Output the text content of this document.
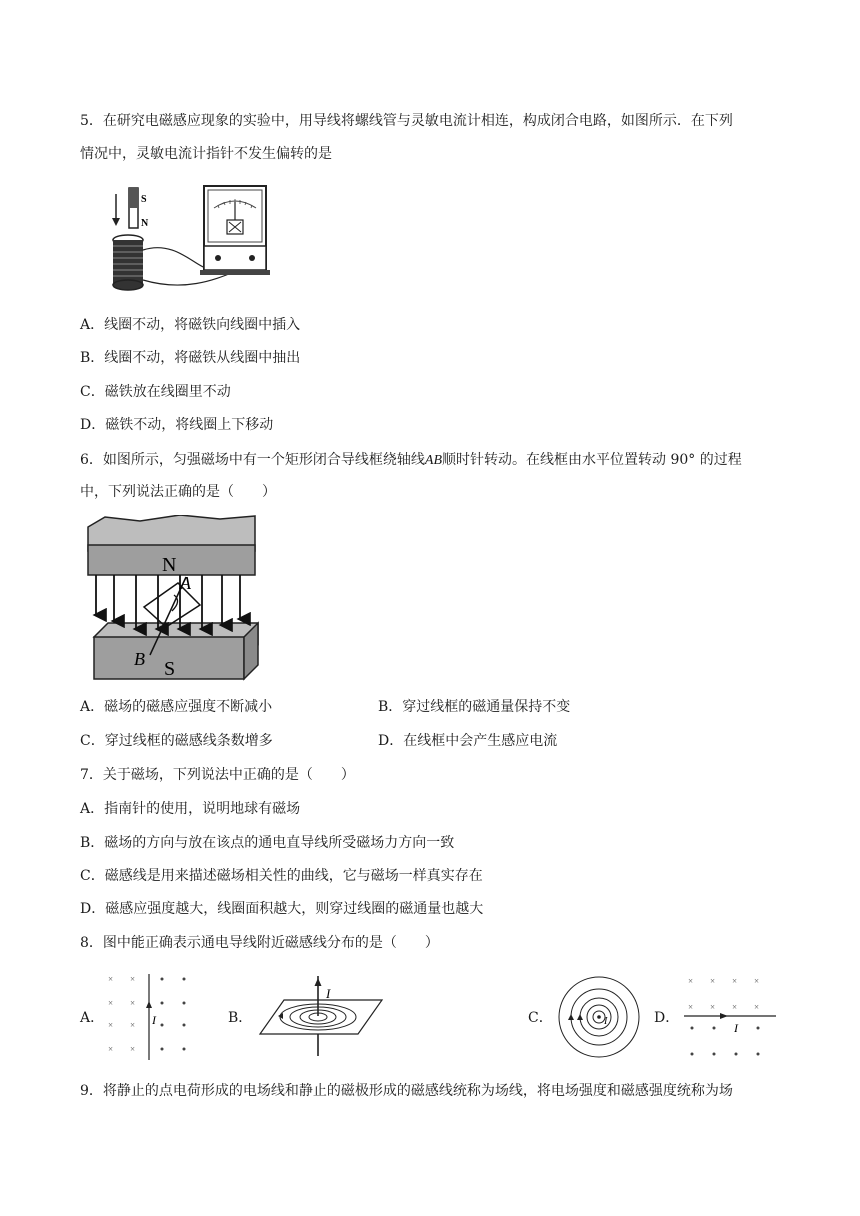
5．在研究电磁感应现象的实验中，用导线将螺线管与灵敏电流计相连，构成闭合电路，如图所示．在下列
情况中，灵敏电流计指针不发生偏转的是
S
N
A．线圈不动，将磁铁向线圈中插入
B．线圈不动，将磁铁从线圈中抽出
C．磁铁放在线圈里不动
D．磁铁不动，将线圈上下移动
6．如图所示，匀强磁场中有一个矩形闭合导线框绕轴线AB顺时针转动。在线框由水平位置转动 90° 的过程
中，下列说法正确的是（　　）
N
S
A
B
A．磁场的磁感应强度不断减小	B．穿过线框的磁通量保持不变
C．穿过线框的磁感线条数增多	D．在线框中会产生感应电流
7．关于磁场，下列说法中正确的是（　　）
A．指南针的使用，说明地球有磁场
B．磁场的方向与放在该点的通电直导线所受磁场力方向一致
C．磁感线是用来描述磁场相关性的曲线，它与磁场一样真实存在
D．磁感应强度越大，线圈面积越大，则穿过线圈的磁通量也越大
8．图中能正确表示通电导线附近磁感线分布的是（　　）
A．	I
× ×
× ×
× ×
× ×
B．
I
C．	I	D．
× × × ×
× × × ×
I
9．将静止的点电荷形成的电场线和静止的磁极形成的磁感线统称为场线，将电场强度和磁感强度统称为场
